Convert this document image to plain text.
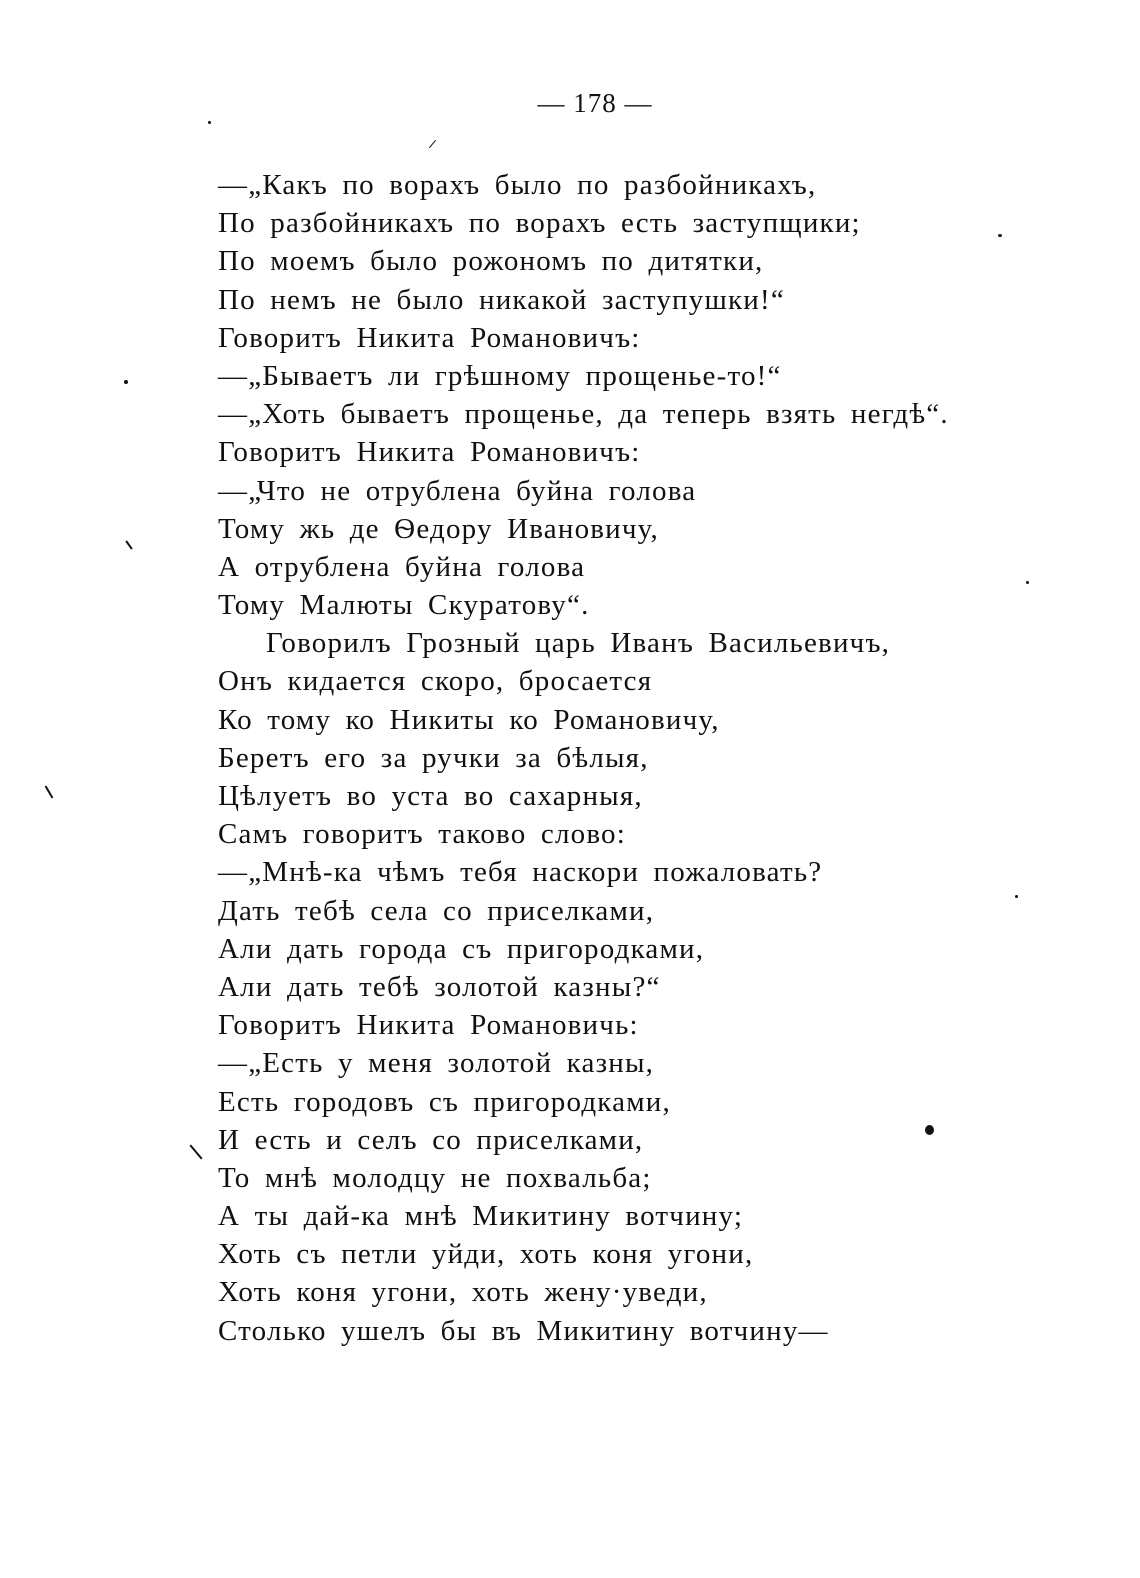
— 178 —
—„Какъ по ворахъ было по разбойникахъ,
По разбойникахъ по ворахъ есть заступщики;
По моемъ было рожономъ по дитятки,
По немъ не было никакой заступушки!“
Говоритъ Никита Романовичъ:
—„Бываетъ ли грѣшному прощенье-то!“
—„Хоть бываетъ прощенье, да теперь взять негдѣ“.
Говоритъ Никита Романовичъ:
—„Что не отрублена буйна голова
Тому жь де Ѳедору Ивановичу,
А отрублена буйна голова
Тому Малюты Скуратову“.
Говорилъ Грозный царь Иванъ Васильевичъ,
Онъ кидается скоро, бросается
Ко тому ко Никиты ко Романовичу,
Беретъ его за ручки за бѣлыя,
Цѣлуетъ во уста во сахарныя,
Самъ говоритъ таково слово:
—„Мнѣ-ка чѣмъ тебя наскори пожаловать?
Дать тебѣ села со приселками,
Али дать города съ пригородками,
Али дать тебѣ золотой казны?“
Говоритъ Никита Романовичь:
—„Есть у меня золотой казны,
Есть городовъ съ пригородками,
И есть и селъ со приселками,
То мнѣ молодцу не похвальба;
А ты дай-ка мнѣ Микитину вотчину;
Хоть съ петли уйди, хоть коня угони,
Хоть коня угони, хоть жену·уведи,
Столько ушелъ бы въ Микитину вотчину—
